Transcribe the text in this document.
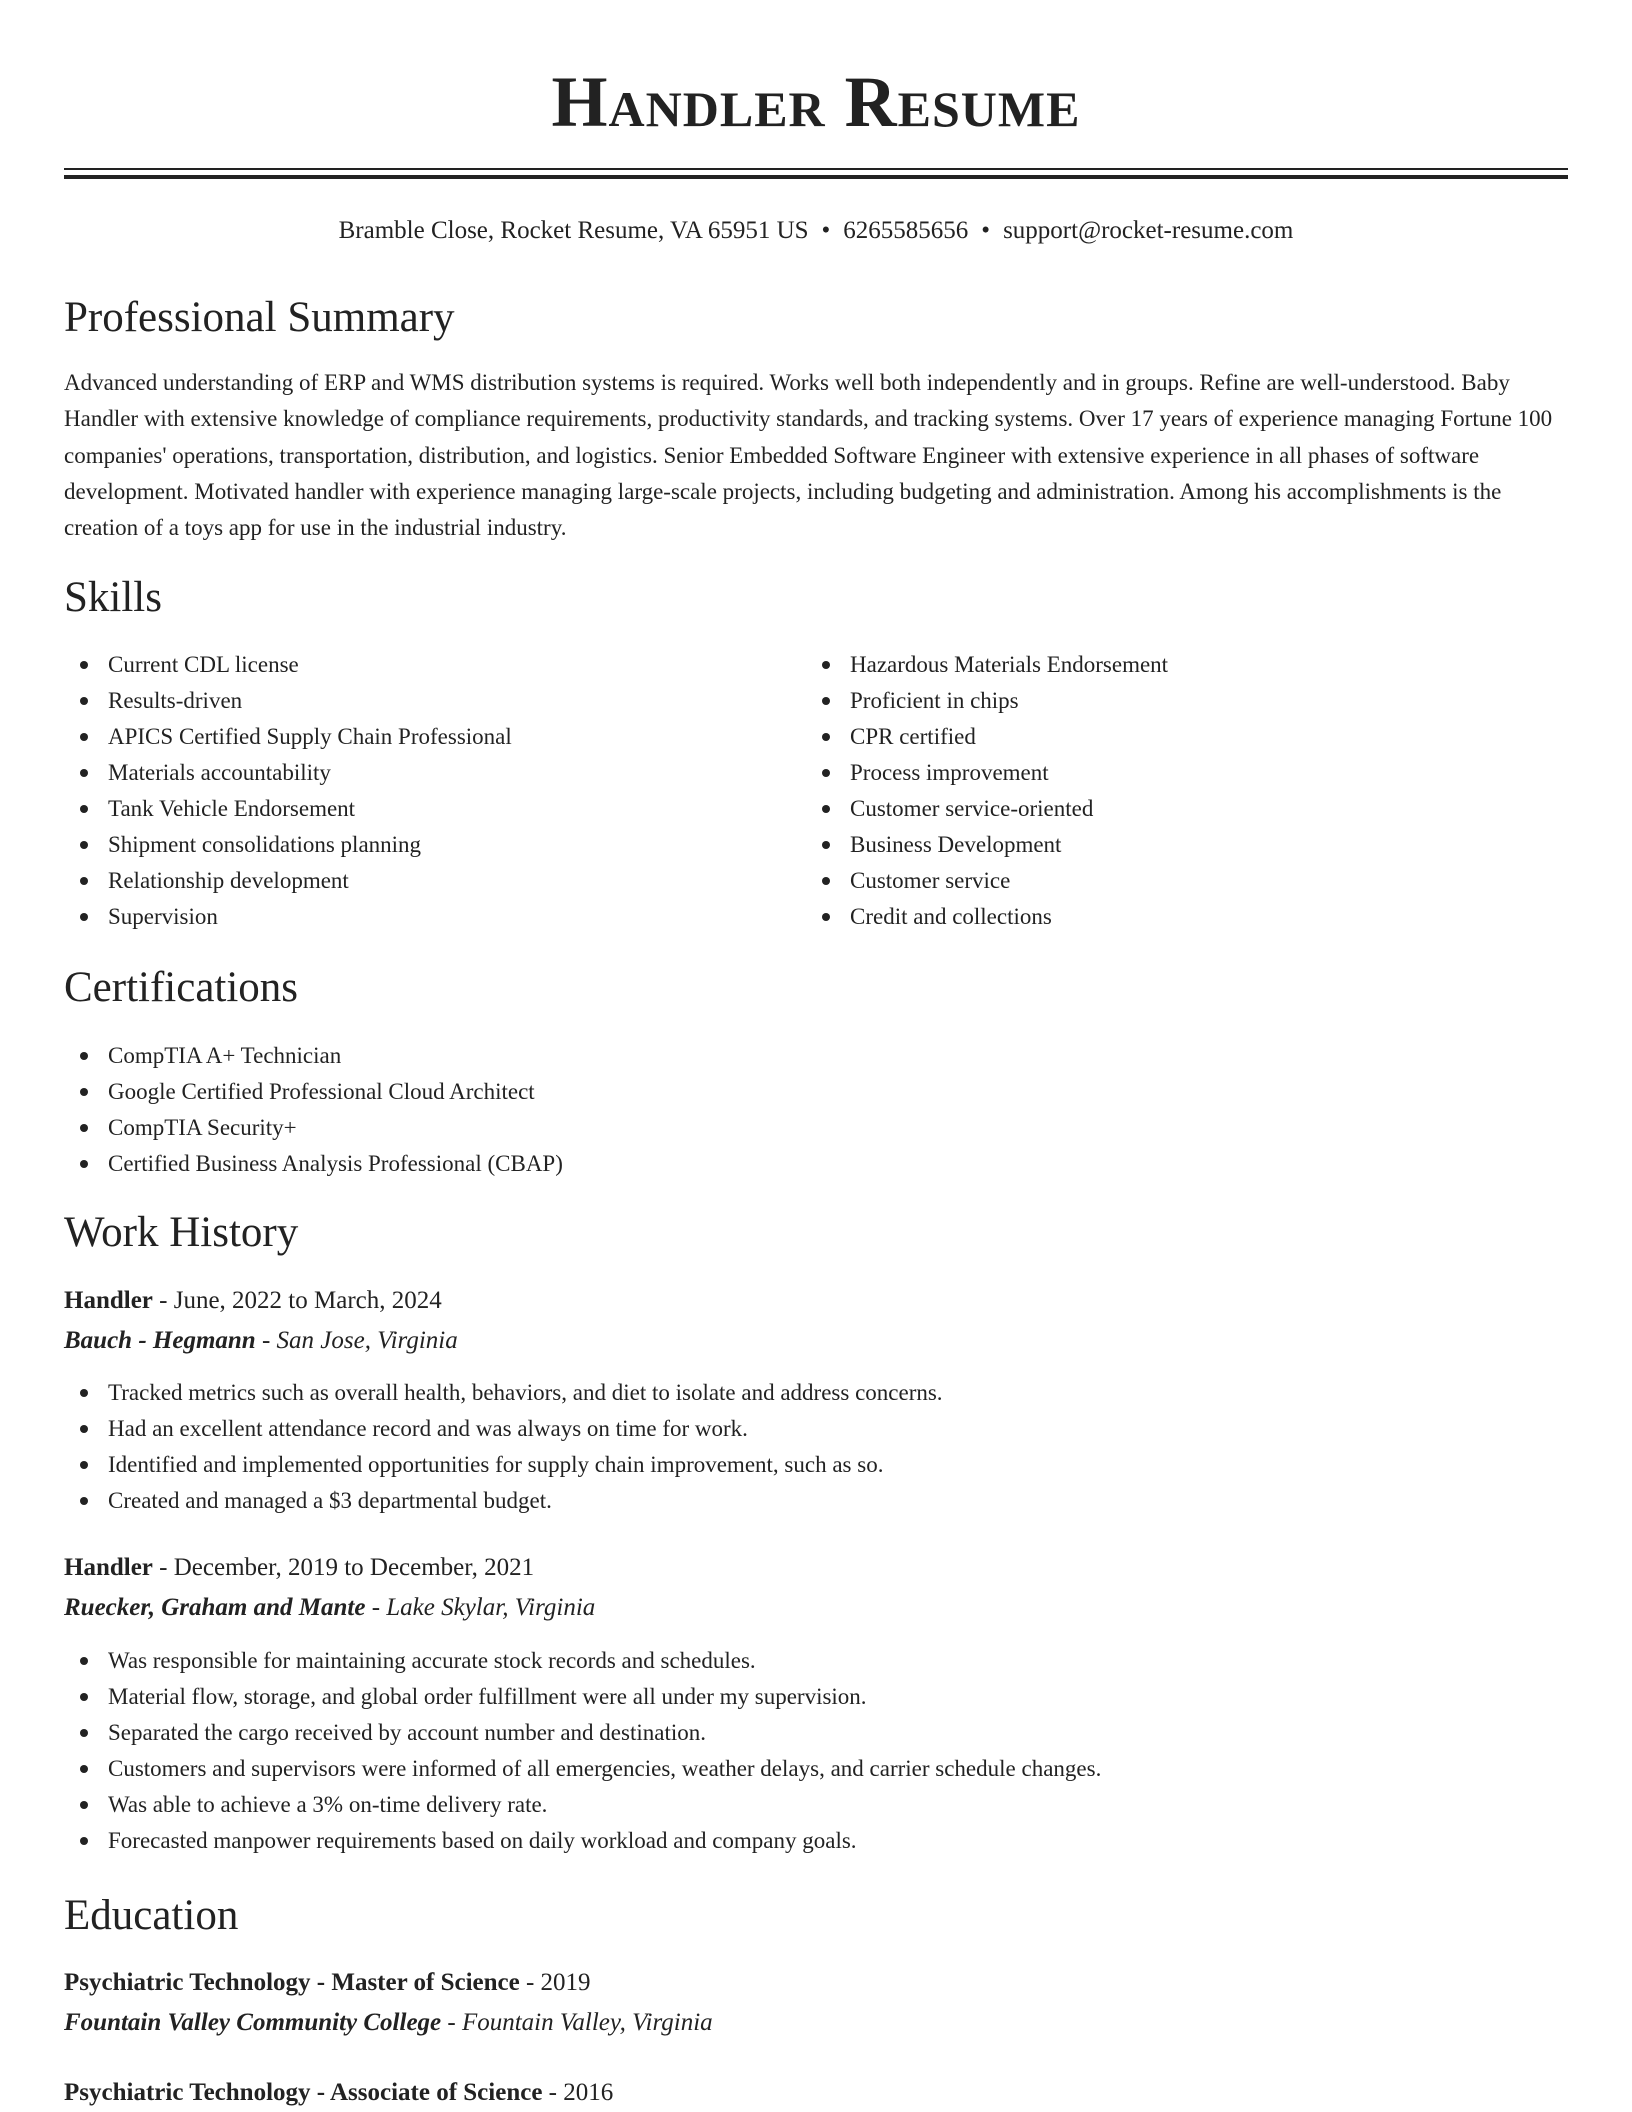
Handler Resume
Bramble Close, Rocket Resume, VA 65951 US • 6265585656 • support@rocket-resume.com
Professional Summary

Advanced understanding of ERP and WMS distribution systems is required. Works well both independently and in groups. Refine are well-understood. Baby Handler with extensive knowledge of compliance requirements, productivity standards, and tracking systems. Over 17 years of experience managing Fortune 100 companies' operations, transportation, distribution, and logistics. Senior Embedded Software Engineer with extensive experience in all phases of software development. Motivated handler with experience managing large-scale projects, including budgeting and administration. Among his accomplishments is the creation of a toys app for use in the industrial industry.

Skills
Current CDL license
Results-driven
APICS Certified Supply Chain Professional
Materials accountability
Tank Vehicle Endorsement
Shipment consolidations planning
Relationship development
Supervision
Hazardous Materials Endorsement
Proficient in chips
CPR certified
Process improvement
Customer service-oriented
Business Development
Customer service
Credit and collections
Certifications
CompTIA A+ Technician
Google Certified Professional Cloud Architect
CompTIA Security+
Certified Business Analysis Professional (CBAP)
Work History
Handler - June, 2022 to March, 2024
Bauch - Hegmann - San Jose, Virginia
Tracked metrics such as overall health, behaviors, and diet to isolate and address concerns.
Had an excellent attendance record and was always on time for work.
Identified and implemented opportunities for supply chain improvement, such as so.
Created and managed a $3 departmental budget.
Handler - December, 2019 to December, 2021
Ruecker, Graham and Mante - Lake Skylar, Virginia
Was responsible for maintaining accurate stock records and schedules.
Material flow, storage, and global order fulfillment were all under my supervision.
Separated the cargo received by account number and destination.
Customers and supervisors were informed of all emergencies, weather delays, and carrier schedule changes.
Was able to achieve a 3% on-time delivery rate.
Forecasted manpower requirements based on daily workload and company goals.
Education
Psychiatric Technology - Master of Science - 2019
Fountain Valley Community College - Fountain Valley, Virginia
Psychiatric Technology - Associate of Science - 2016
